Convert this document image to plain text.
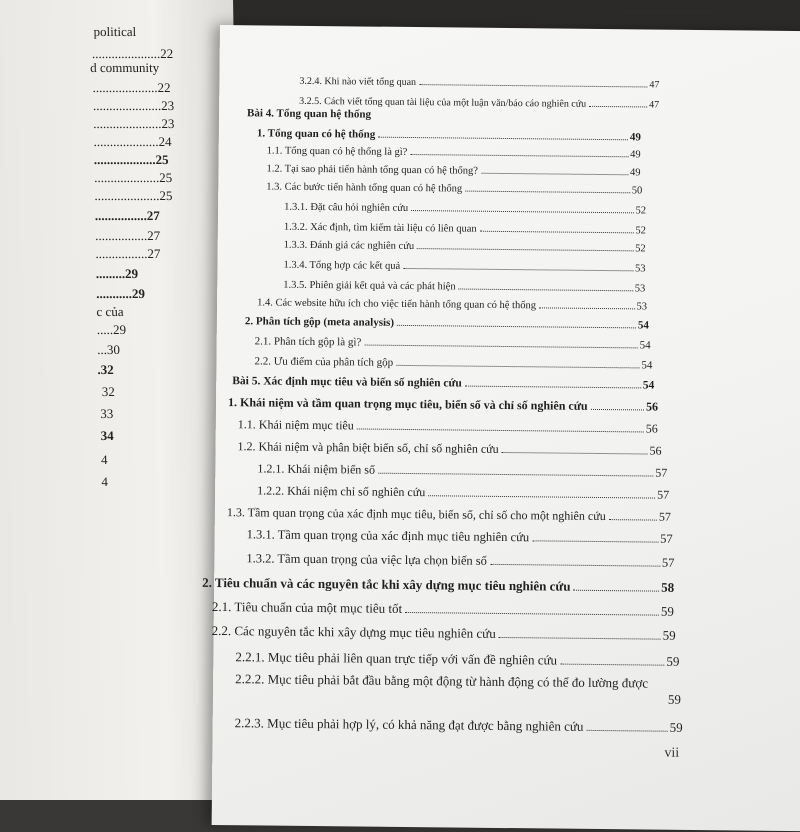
political
.....................22
d community
....................22
.....................23
.....................23
....................24
...................25
....................25
....................25
................27
................27
................27
.........29
...........29
c của
.....29
...30
.32
32
33
34
4
4
3.2.4. Khi nào viết tổng quan	47
3.2.5. Cách viết tổng quan tài liệu của một luận văn/báo cáo nghiên cứu	47
Bài 4. Tổng quan hệ thống
1. Tổng quan có hệ thống	49
1.1. Tổng quan có hệ thống là gì?	49
1.2. Tại sao phải tiến hành tổng quan có hệ thống?	49
1.3. Các bước tiến hành tổng quan có hệ thống	50
1.3.1. Đặt câu hỏi nghiên cứu	52
1.3.2. Xác định, tìm kiếm tài liệu có liên quan	52
1.3.3. Đánh giá các nghiên cứu	52
1.3.4. Tổng hợp các kết quả	53
1.3.5. Phiên giải kết quả và các phát hiện	53
1.4. Các website hữu ích cho việc tiến hành tổng quan có hệ thống	53
2. Phân tích gộp (meta analysis)	54
2.1. Phân tích gộp là gì?	54
2.2. Ưu điểm của phân tích gộp	54
Bài 5. Xác định mục tiêu và biến số nghiên cứu	54
1. Khái niệm và tầm quan trọng mục tiêu, biến số và chỉ số nghiên cứu	56
1.1. Khái niệm mục tiêu	56
1.2. Khái niệm và phân biệt biến số, chỉ số nghiên cứu	56
1.2.1. Khái niệm biến số	57
1.2.2. Khái niệm chỉ số nghiên cứu	57
1.3. Tầm quan trọng của xác định mục tiêu, biến số, chỉ số cho một nghiên cứu	57
1.3.1. Tầm quan trọng của xác định mục tiêu nghiên cứu	57
1.3.2. Tầm quan trọng của việc lựa chọn biến số	57
2. Tiêu chuẩn và các nguyên tắc khi xây dựng mục tiêu nghiên cứu	58
2.1. Tiêu chuẩn của một mục tiêu tốt	59
2.2. Các nguyên tắc khi xây dựng mục tiêu nghiên cứu	59
2.2.1. Mục tiêu phải liên quan trực tiếp với vấn đề nghiên cứu	59
2.2.2. Mục tiêu phải bắt đầu bằng một động từ hành động có thể đo lường được
59
2.2.3. Mục tiêu phải hợp lý, có khả năng đạt được bằng nghiên cứu	59
vii
